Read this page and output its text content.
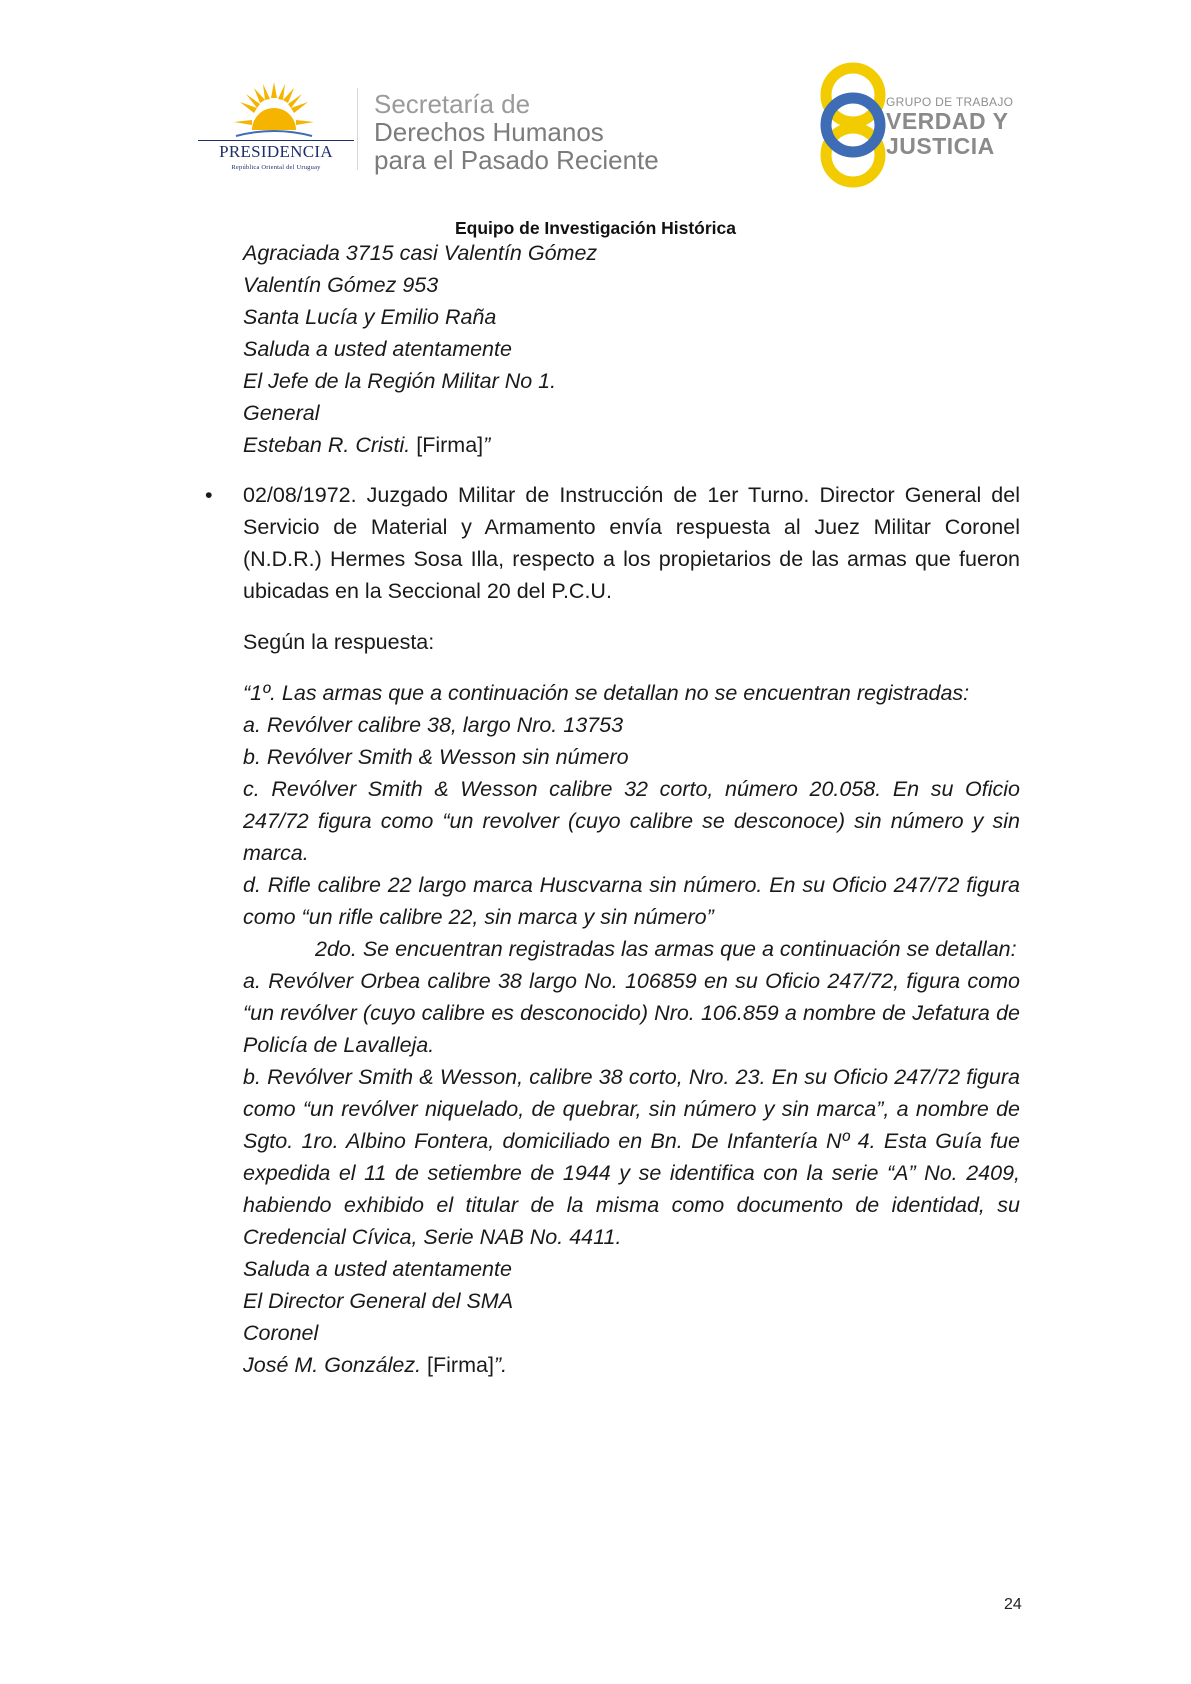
PRESIDENCIA
República Oriental del Uruguay
Secretaría de
Derechos Humanos
para el Pasado Reciente
GRUPO DE TRABAJO
VERDAD Y
JUSTICIA
Equipo de Investigación Histórica
Agraciada 3715 casi Valentín Gómez
Valentín Gómez 953
Santa Lucía y Emilio Raña
Saluda a usted atentamente
El Jefe de la Región Militar No 1.
General
Esteban R. Cristi. [Firma]”
• 02/08/1972. Juzgado Militar de Instrucción de 1er Turno. Director General del Servicio de Material y Armamento envía respuesta al Juez Militar Coronel (N.D.R.) Hermes Sosa Illa, respecto a los propietarios de las armas que fueron ubicadas en la Seccional 20 del P.C.U.
Según la respuesta:
“1º. Las armas que a continuación se detallan no se encuentran registradas:
a. Revólver calibre 38, largo Nro. 13753
b. Revólver Smith & Wesson sin número
c. Revólver Smith & Wesson calibre 32 corto, número 20.058. En su Oficio 247/72 figura como “un revolver (cuyo calibre se desconoce) sin número y sin marca.
d. Rifle calibre 22 largo marca Huscvarna sin número. En su Oficio 247/72 figura como “un rifle calibre 22, sin marca y sin número”
2do. Se encuentran registradas las armas que a continuación se detallan:
a. Revólver Orbea calibre 38 largo No. 106859 en su Oficio 247/72, figura como “un revólver (cuyo calibre es desconocido) Nro. 106.859 a nombre de Jefatura de Policía de Lavalleja.
b. Revólver Smith & Wesson, calibre 38 corto, Nro. 23. En su Oficio 247/72 figura como “un revólver niquelado, de quebrar, sin número y sin marca”, a nombre de Sgto. 1ro. Albino Fontera, domiciliado en Bn. De Infantería Nº 4. Esta Guía fue expedida el 11 de setiembre de 1944 y se identifica con la serie “A” No. 2409, habiendo exhibido el titular de la misma como documento de identidad, su Credencial Cívica, Serie NAB No. 4411.
Saluda a usted atentamente
El Director General del SMA
Coronel
José M. González. [Firma]”.
24
